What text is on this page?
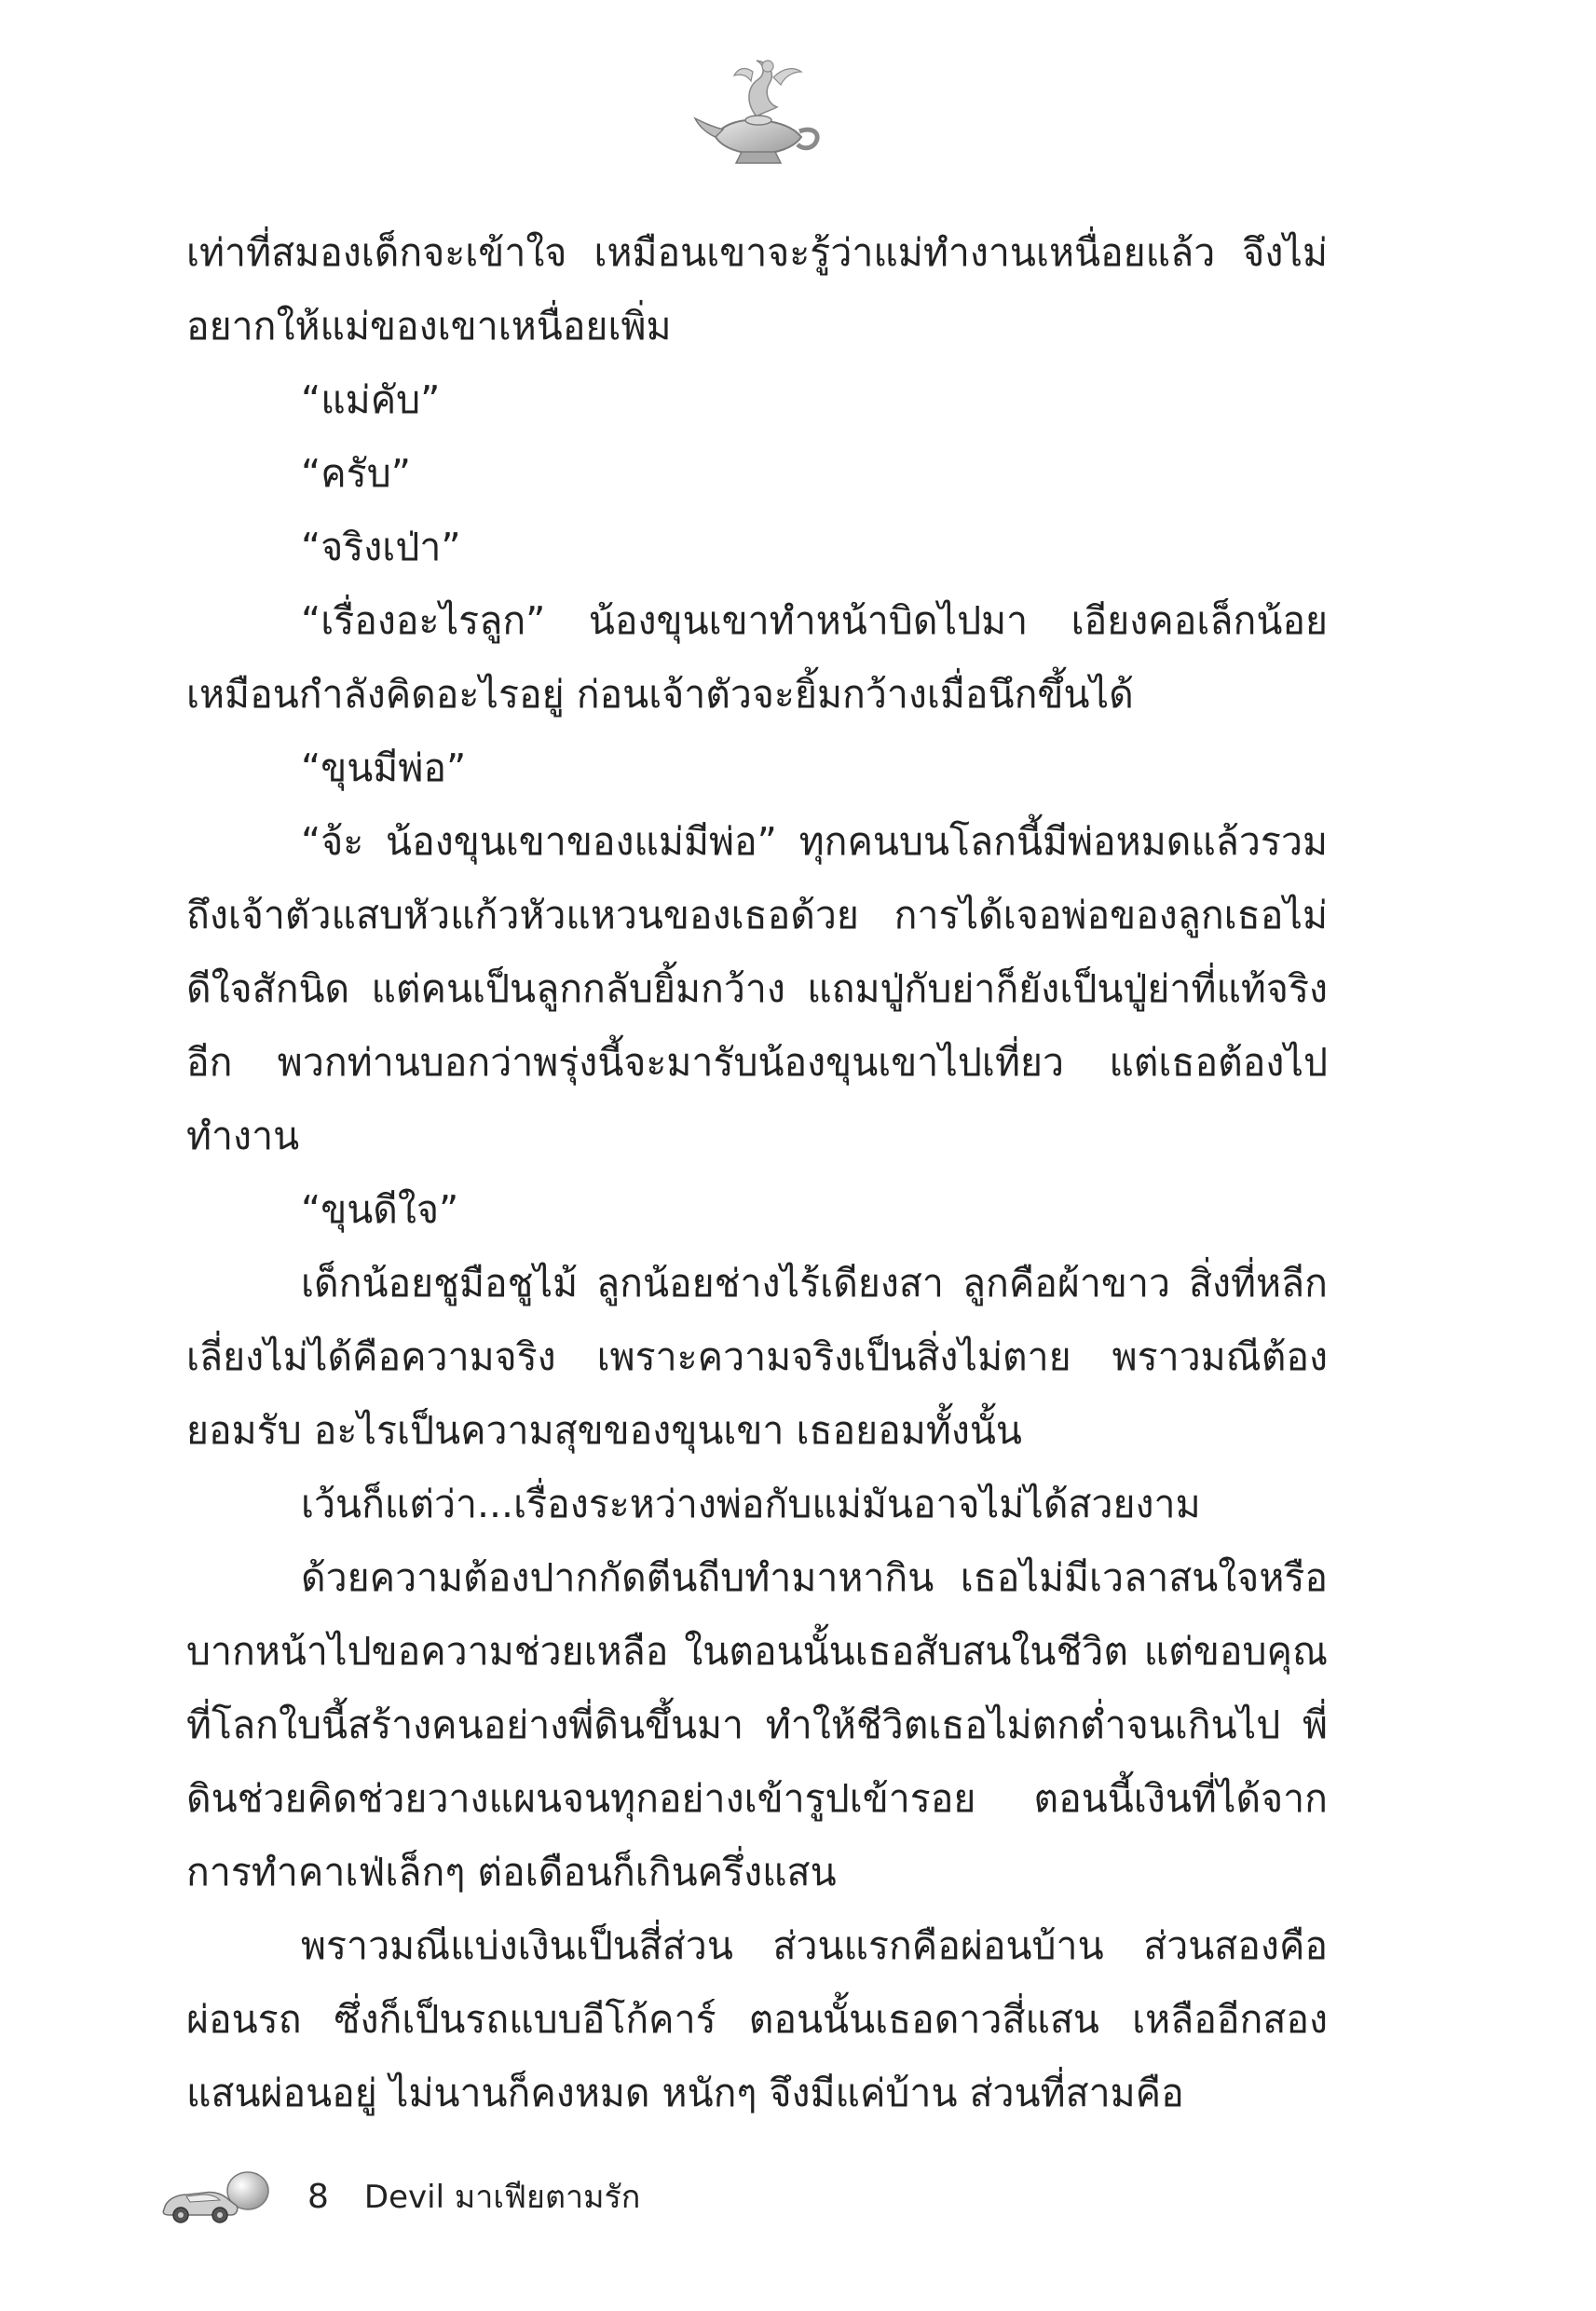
เท่าที่สมองเด็กจะเข้าใจ เหมือนเขาจะรู้ว่าแม่ทำงานเหนื่อยแล้ว จึงไม่อยากให้แม่ของเขาเหนื่อยเพิ่ม

“แม่คับ”

“ครับ”

“จริงเป่า”

“เรื่องอะไรลูก” น้องขุนเขาทำหน้าบิดไปมา เอียงคอเล็กน้อยเหมือนกำลังคิดอะไรอยู่ ก่อนเจ้าตัวจะยิ้มกว้างเมื่อนึกขึ้นได้

“ขุนมีพ่อ”

“จ้ะ น้องขุนเขาของแม่มีพ่อ” ทุกคนบนโลกนี้มีพ่อหมดแล้วรวมถึงเจ้าตัวแสบหัวแก้วหัวแหวนของเธอด้วย การได้เจอพ่อของลูกเธอไม่ดีใจสักนิด แต่คนเป็นลูกกลับยิ้มกว้าง แถมปู่กับย่าก็ยังเป็นปู่ย่าที่แท้จริงอีก พวกท่านบอกว่าพรุ่งนี้จะมารับน้องขุนเขาไปเที่ยว แต่เธอต้องไปทำงาน

“ขุนดีใจ”

เด็กน้อยชูมือชูไม้ ลูกน้อยช่างไร้เดียงสา ลูกคือผ้าขาว สิ่งที่หลีกเลี่ยงไม่ได้คือความจริง เพราะความจริงเป็นสิ่งไม่ตาย พราวมณีต้องยอมรับ อะไรเป็นความสุขของขุนเขา เธอยอมทั้งนั้น

เว้นก็แต่ว่า...เรื่องระหว่างพ่อกับแม่มันอาจไม่ได้สวยงาม

ด้วยความต้องปากกัดตีนถีบทำมาหากิน เธอไม่มีเวลาสนใจหรือบากหน้าไปขอความช่วยเหลือ ในตอนนั้นเธอสับสนในชีวิต แต่ขอบคุณที่โลกใบนี้สร้างคนอย่างพี่ดินขึ้นมา ทำให้ชีวิตเธอไม่ตกต่ำจนเกินไป พี่ดินช่วยคิดช่วยวางแผนจนทุกอย่างเข้ารูปเข้ารอย ตอนนี้เงินที่ได้จากการทำคาเฟ่เล็กๆ ต่อเดือนก็เกินครึ่งแสน

พราวมณีแบ่งเงินเป็นสี่ส่วน ส่วนแรกคือผ่อนบ้าน ส่วนสองคือผ่อนรถ ซึ่งก็เป็นรถแบบอีโก้คาร์ ตอนนั้นเธอดาวสี่แสน เหลืออีกสองแสนผ่อนอยู่ ไม่นานก็คงหมด หนักๆ จึงมีแค่บ้าน ส่วนที่สามคือ

8 Devil มาเฟียตามรัก
